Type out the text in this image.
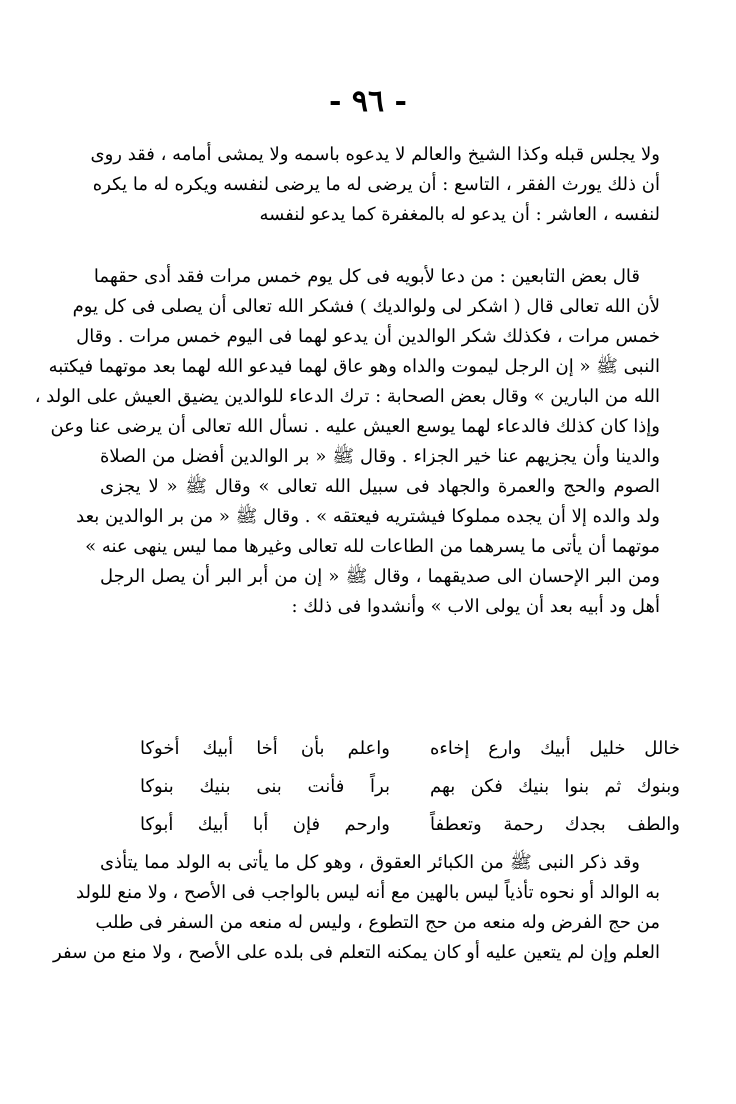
- ٩٦ -
ولا يجلس قبله وكذا الشيخ والعالم لا يدعوه باسمه ولا يمشى أمامه ، فقد روى
أن ذلك يورث الفقر ، التاسع : أن يرضى له ما يرضى لنفسه ويكره له ما يكره
لنفسه ، العاشر : أن يدعو له بالمغفرة كما يدعو لنفسه
قال بعض التابعين : من دعا لأبويه فى كل يوم خمس مرات فقد أدى حقهما
لأن الله تعالى قال ( اشكر لى ولوالديك ) فشكر الله تعالى أن يصلى فى كل يوم
خمس مرات ، فكذلك شكر الوالدين أن يدعو لهما فى اليوم خمس مرات . وقال
النبى ﷺ « إن الرجل ليموت والداه وهو عاق لهما فيدعو الله لهما بعد موتهما فيكتبه
الله من البارين » وقال بعض الصحابة : ترك الدعاء للوالدين يضيق العيش على الولد ،
وإذا كان كذلك فالدعاء لهما يوسع العيش عليه . نسأل الله تعالى أن يرضى عنا وعن
والدينا وأن يجزيهم عنا خير الجزاء . وقال ﷺ « بر الوالدين أفضل من الصلاة
الصوم والحج والعمرة والجهاد فى سبيل الله تعالى » وقال ﷺ « لا يجزى
ولد والده إلا أن يجده مملوكا فيشتريه فيعتقه » . وقال ﷺ « من بر الوالدين بعد
موتهما أن يأتى ما يسرهما من الطاعات لله تعالى وغيرها مما ليس ينهى عنه »
ومن البر الإحسان الى صديقهما ، وقال ﷺ « إن من أبر البر أن يصل الرجل
أهل ود أبيه بعد أن يولى الاب » وأنشدوا فى ذلك :
خالل خليل أبيك وارع إخاءه
واعلم بأن أخا أبيك أخوكا
وبنوك ثم بنوا بنيك فكن بهم
براً فأنت بنى بنيك بنوكا
والطف بجدك رحمة وتعطفاً
وارحم فإن أبا أبيك أبوكا
وقد ذكر النبى ﷺ من الكبائر العقوق ، وهو كل ما يأتى به الولد مما يتأذى
به الوالد أو نحوه تأذياً ليس بالهين مع أنه ليس بالواجب فى الأصح ، ولا منع للولد
من حج الفرض وله منعه من حج التطوع ، وليس له منعه من السفر فى طلب
العلم وإن لم يتعين عليه أو كان يمكنه التعلم فى بلده على الأصح ، ولا منع من سفر
